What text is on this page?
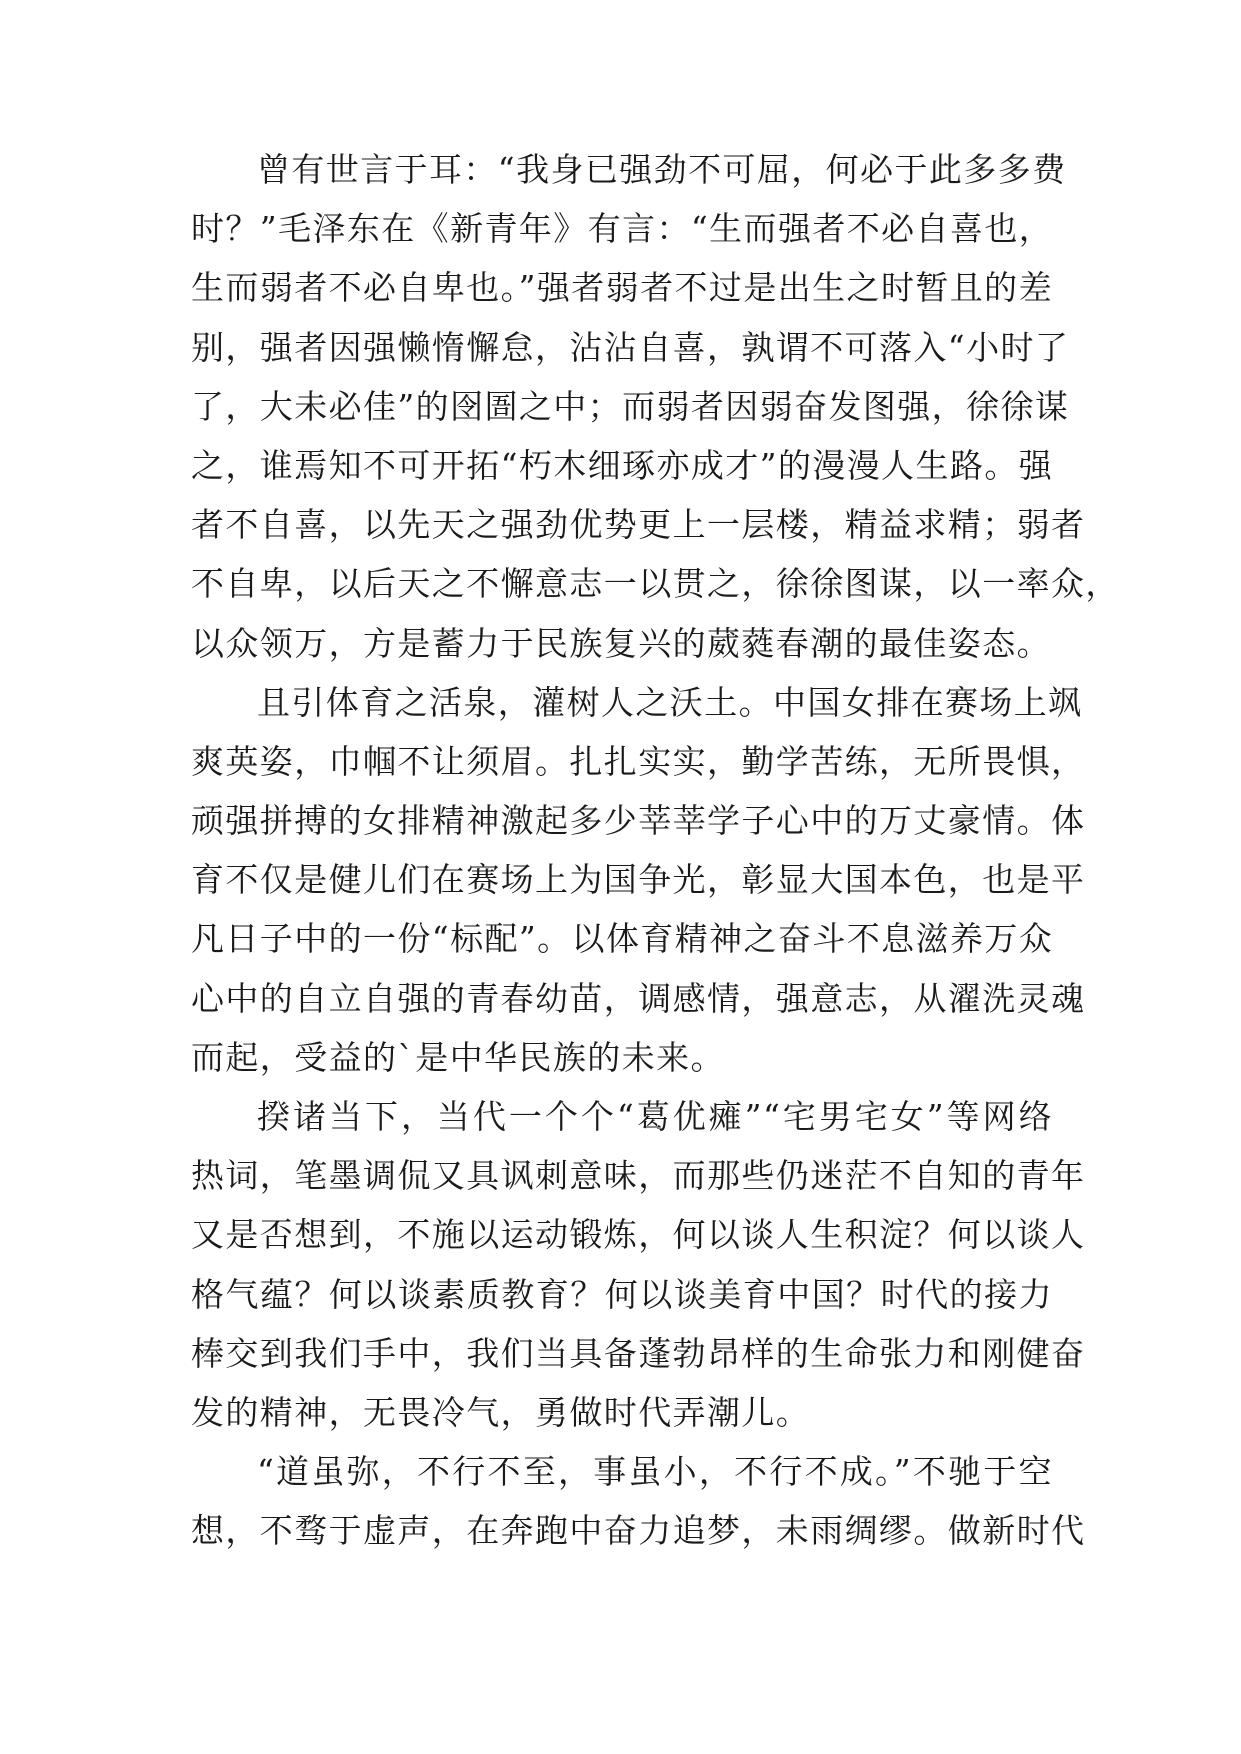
曾有世言于耳：“我身已强劲不可屈，何必于此多多费
时？”毛泽东在《新青年》有言：“生而强者不必自喜也，
生而弱者不必自卑也。”强者弱者不过是出生之时暂且的差
别，强者因强懒惰懈怠，沾沾自喜，孰谓不可落入“小时了
了，大未必佳”的囹圄之中；而弱者因弱奋发图强，徐徐谋
之，谁焉知不可开拓“朽木细琢亦成才”的漫漫人生路。强
者不自喜，以先天之强劲优势更上一层楼，精益求精；弱者
不自卑，以后天之不懈意志一以贯之，徐徐图谋，以一率众，
以众领万，方是蓄力于民族复兴的葳蕤春潮的最佳姿态。
且引体育之活泉，灌树人之沃土。中国女排在赛场上飒
爽英姿，巾帼不让须眉。扎扎实实，勤学苦练，无所畏惧，
顽强拼搏的女排精神激起多少莘莘学子心中的万丈豪情。体
育不仅是健儿们在赛场上为国争光，彰显大国本色，也是平
凡日子中的一份“标配”。以体育精神之奋斗不息滋养万众
心中的自立自强的青春幼苗，调感情，强意志，从濯洗灵魂
而起，受益的`是中华民族的未来。
揆诸当下，当代一个个“葛优瘫”“宅男宅女”等网络
热词，笔墨调侃又具讽刺意味，而那些仍迷茫不自知的青年
又是否想到，不施以运动锻炼，何以谈人生积淀？何以谈人
格气蕴？何以谈素质教育？何以谈美育中国？时代的接力
棒交到我们手中，我们当具备蓬勃昂样的生命张力和刚健奋
发的精神，无畏冷气，勇做时代弄潮儿。
“道虽弥，不行不至，事虽小，不行不成。”不驰于空
想，不骛于虚声，在奔跑中奋力追梦，未雨绸缪。做新时代
